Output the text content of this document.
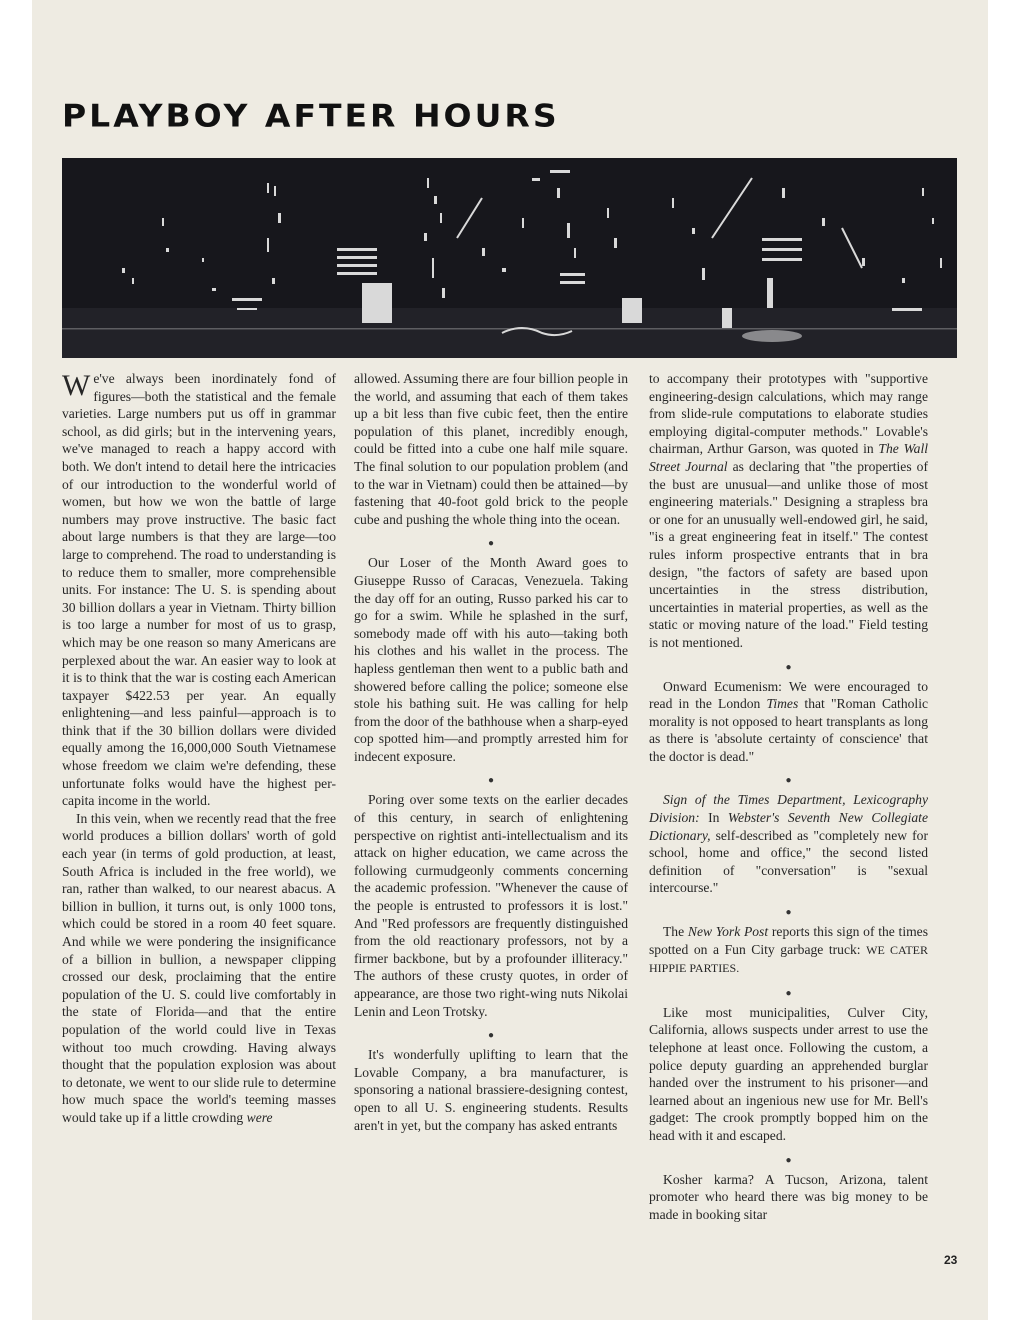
PLAYBOY AFTER HOURS

We've always been inordinately fond of figures—both the statistical and the female varieties. Large numbers put us off in grammar school, as did girls; but in the intervening years, we've managed to reach a happy accord with both. We don't intend to detail here the intricacies of our introduction to the wonderful world of women, but how we won the battle of large numbers may prove instructive. The basic fact about large numbers is that they are large—too large to comprehend. The road to understanding is to reduce them to smaller, more comprehensible units. For instance: The U. S. is spending about 30 billion dollars a year in Vietnam. Thirty billion is too large a number for most of us to grasp, which may be one reason so many Americans are perplexed about the war. An easier way to look at it is to think that the war is costing each American taxpayer $422.53 per year. An equally enlightening—and less painful—approach is to think that if the 30 billion dollars were divided equally among the 16,000,000 South Vietnamese whose freedom we claim we're defending, these unfortunate folks would have the highest per-capita income in the world.

In this vein, when we recently read that the free world produces a billion dollars' worth of gold each year (in terms of gold production, at least, South Africa is included in the free world), we ran, rather than walked, to our nearest abacus. A billion in bullion, it turns out, is only 1000 tons, which could be stored in a room 40 feet square. And while we were pondering the insignificance of a billion in bullion, a newspaper clipping crossed our desk, proclaiming that the entire population of the U. S. could live comfortably in the state of Florida—and that the entire population of the world could live in Texas without too much crowding. Having always thought that the population explosion was about to detonate, we went to our slide rule to determine how much space the world's teeming masses would take up if a little crowding were

allowed. Assuming there are four billion people in the world, and assuming that each of them takes up a bit less than five cubic feet, then the entire population of this planet, incredibly enough, could be fitted into a cube one half mile square. The final solution to our population problem (and to the war in Vietnam) could then be attained—by fastening that 40-foot gold brick to the people cube and pushing the whole thing into the ocean.

●

Our Loser of the Month Award goes to Giuseppe Russo of Caracas, Venezuela. Taking the day off for an outing, Russo parked his car to go for a swim. While he splashed in the surf, somebody made off with his auto—taking both his clothes and his wallet in the process. The hapless gentleman then went to a public bath and showered before calling the police; someone else stole his bathing suit. He was calling for help from the door of the bathhouse when a sharp-eyed cop spotted him—and promptly arrested him for indecent exposure.

●

Poring over some texts on the earlier decades of this century, in search of enlightening perspective on rightist anti-intellectualism and its attack on higher education, we came across the following curmudgeonly comments concerning the academic profession. "Whenever the cause of the people is entrusted to professors it is lost." And "Red professors are frequently distinguished from the old reactionary professors, not by a firmer backbone, but by a profounder illiteracy." The authors of these crusty quotes, in order of appearance, are those two right-wing nuts Nikolai Lenin and Leon Trotsky.

●

It's wonderfully uplifting to learn that the Lovable Company, a bra manufacturer, is sponsoring a national brassiere-designing contest, open to all U. S. engineering students. Results aren't in yet, but the company has asked entrants

to accompany their prototypes with "supportive engineering-design calculations, which may range from slide-rule computations to elaborate studies employing digital-computer methods." Lovable's chairman, Arthur Garson, was quoted in The Wall Street Journal as declaring that "the properties of the bust are unusual—and unlike those of most engineering materials." Designing a strapless bra or one for an unusually well-endowed girl, he said, "is a great engineering feat in itself." The contest rules inform prospective entrants that in bra design, "the factors of safety are based upon uncertainties in the stress distribution, uncertainties in material properties, as well as the static or moving nature of the load." Field testing is not mentioned.

●

Onward Ecumenism: We were encouraged to read in the London Times that "Roman Catholic morality is not opposed to heart transplants as long as there is 'absolute certainty of conscience' that the doctor is dead."

●

Sign of the Times Department, Lexicography Division: In Webster's Seventh New Collegiate Dictionary, self-described as "completely new for school, home and office," the second listed definition of "conversation" is "sexual intercourse."

●

The New York Post reports this sign of the times spotted on a Fun City garbage truck: WE CATER HIPPIE PARTIES.

●

Like most municipalities, Culver City, California, allows suspects under arrest to use the telephone at least once. Following the custom, a police deputy guarding an apprehended burglar handed over the instrument to his prisoner—and learned about an ingenious new use for Mr. Bell's gadget: The crook promptly bopped him on the head with it and escaped.

●

Kosher karma? A Tucson, Arizona, talent promoter who heard there was big money to be made in booking sitar

23
